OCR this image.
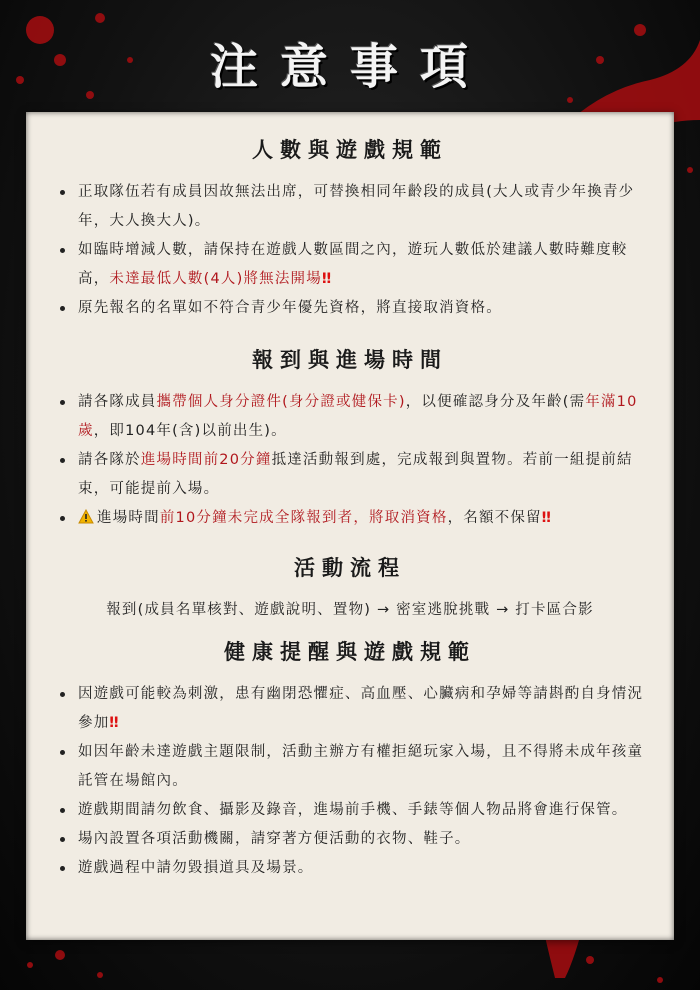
注意事項
人數與遊戲規範
正取隊伍若有成員因故無法出席，可替換相同年齡段的成員(大人或青少年換青少年，大人換大人)。
如臨時增減人數，請保持在遊戲人數區間之內，遊玩人數低於建議人數時難度較高，未達最低人數(4人)將無法開場‼
原先報名的名單如不符合青少年優先資格，將直接取消資格。
報到與進場時間
請各隊成員攜帶個人身分證件(身分證或健保卡)，以便確認身分及年齡(需年滿10歲，即104年(含)以前出生)。
請各隊於進場時間前20分鐘抵達活動報到處，完成報到與置物。若前一組提前結束，可能提前入場。
進場時間前10分鐘未完成全隊報到者，將取消資格，名額不保留‼
活動流程
報到(成員名單核對、遊戲說明、置物) → 密室逃脫挑戰 → 打卡區合影
健康提醒與遊戲規範
因遊戲可能較為刺激，患有幽閉恐懼症、高血壓、心臟病和孕婦等請斟酌自身情況參加‼
如因年齡未達遊戲主題限制，活動主辦方有權拒絕玩家入場，且不得將未成年孩童託管在場館內。
遊戲期間請勿飲食、攝影及錄音，進場前手機、手錶等個人物品將會進行保管。
場內設置各項活動機關，請穿著方便活動的衣物、鞋子。
遊戲過程中請勿毀損道具及場景。
